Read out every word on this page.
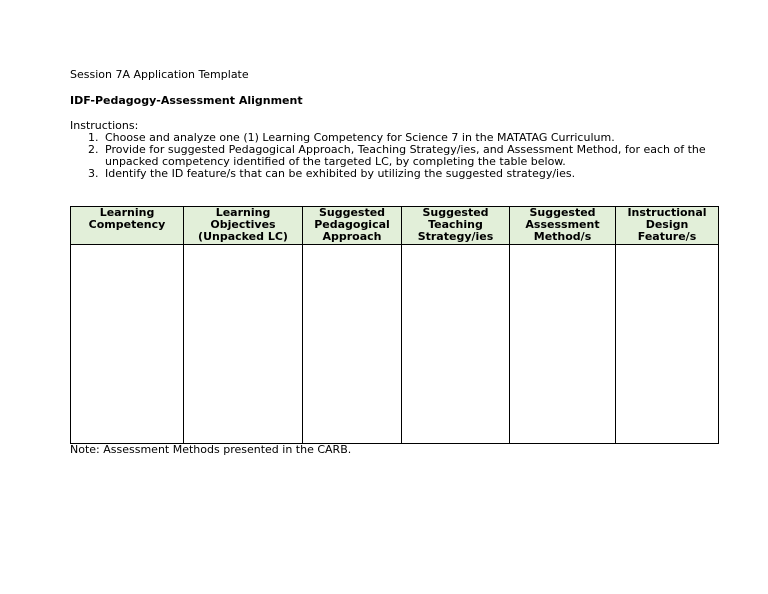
Session 7A Application Template
IDF-Pedagogy-Assessment Alignment
Instructions:
1. Choose and analyze one (1) Learning Competency for Science 7 in the MATATAG Curriculum.
2. Provide for suggested Pedagogical Approach, Teaching Strategy/ies, and Assessment Method, for each of the unpacked competency identified of the targeted LC, by completing the table below.
3. Identify the ID feature/s that can be exhibited by utilizing the suggested strategy/ies.
Learning Competency	Learning Objectives (Unpacked LC)	Suggested Pedagogical Approach	Suggested Teaching Strategy/ies	Suggested Assessment Method/s	Instructional Design Feature/s

Note: Assessment Methods presented in the CARB.
